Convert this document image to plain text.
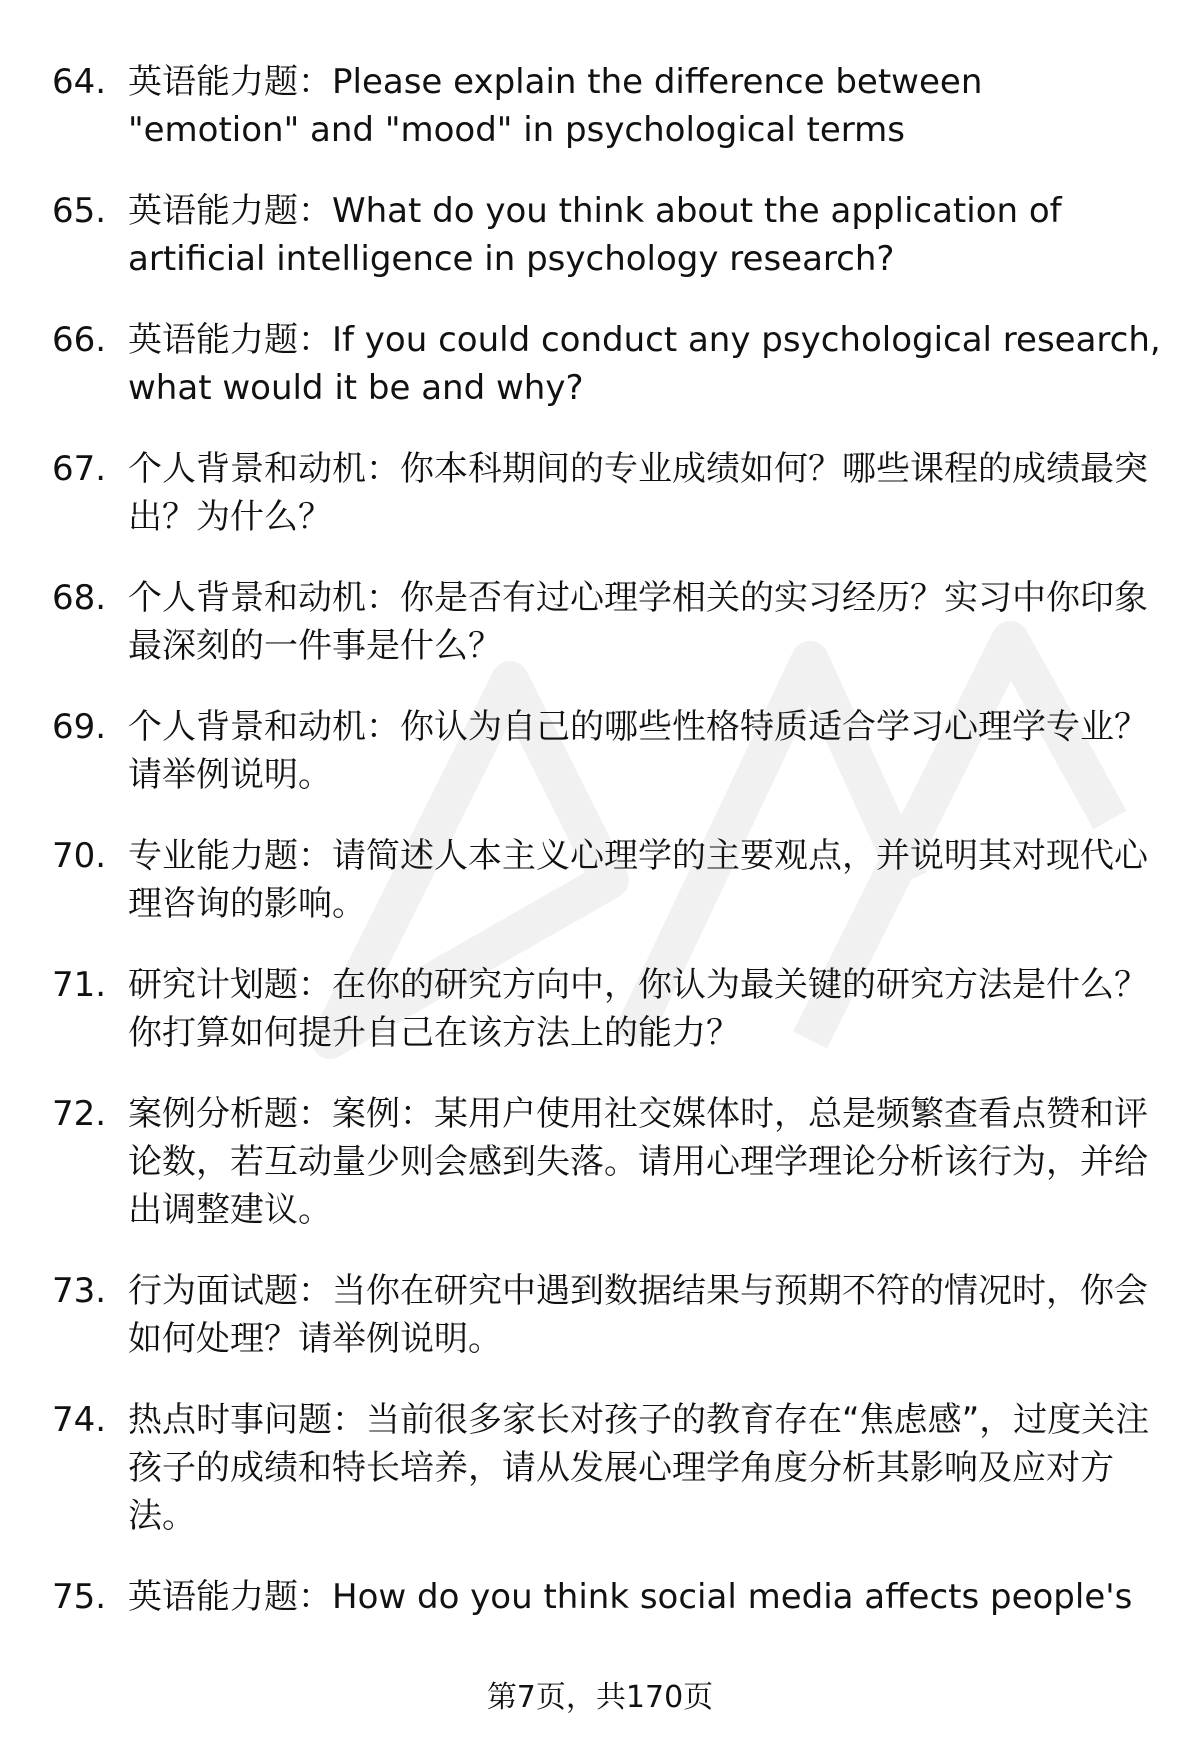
64. 英语能力题：Please explain the difference between "emotion" and "mood" in psychological terms
65. 英语能力题：What do you think about the application of artificial intelligence in psychology research?
66. 英语能力题：If you could conduct any psychological research, what would it be and why?
67. 个人背景和动机：你本科期间的专业成绩如何？哪些课程的成绩最突出？为什么？
68. 个人背景和动机：你是否有过心理学相关的实习经历？实习中你印象最深刻的一件事是什么？
69. 个人背景和动机：你认为自己的哪些性格特质适合学习心理学专业？请举例说明。
70. 专业能力题：请简述人本主义心理学的主要观点，并说明其对现代心理咨询的影响。
71. 研究计划题：在你的研究方向中，你认为最关键的研究方法是什么？你打算如何提升自己在该方法上的能力？
72. 案例分析题：案例：某用户使用社交媒体时，总是频繁查看点赞和评论数，若互动量少则会感到失落。请用心理学理论分析该行为，并给出调整建议。
73. 行为面试题：当你在研究中遇到数据结果与预期不符的情况时，你会如何处理？请举例说明。
74. 热点时事问题：当前很多家长对孩子的教育存在“焦虑感”，过度关注孩子的成绩和特长培养，请从发展心理学角度分析其影响及应对方法。
75. 英语能力题：How do you think social media affects people's
第7页，共170页
